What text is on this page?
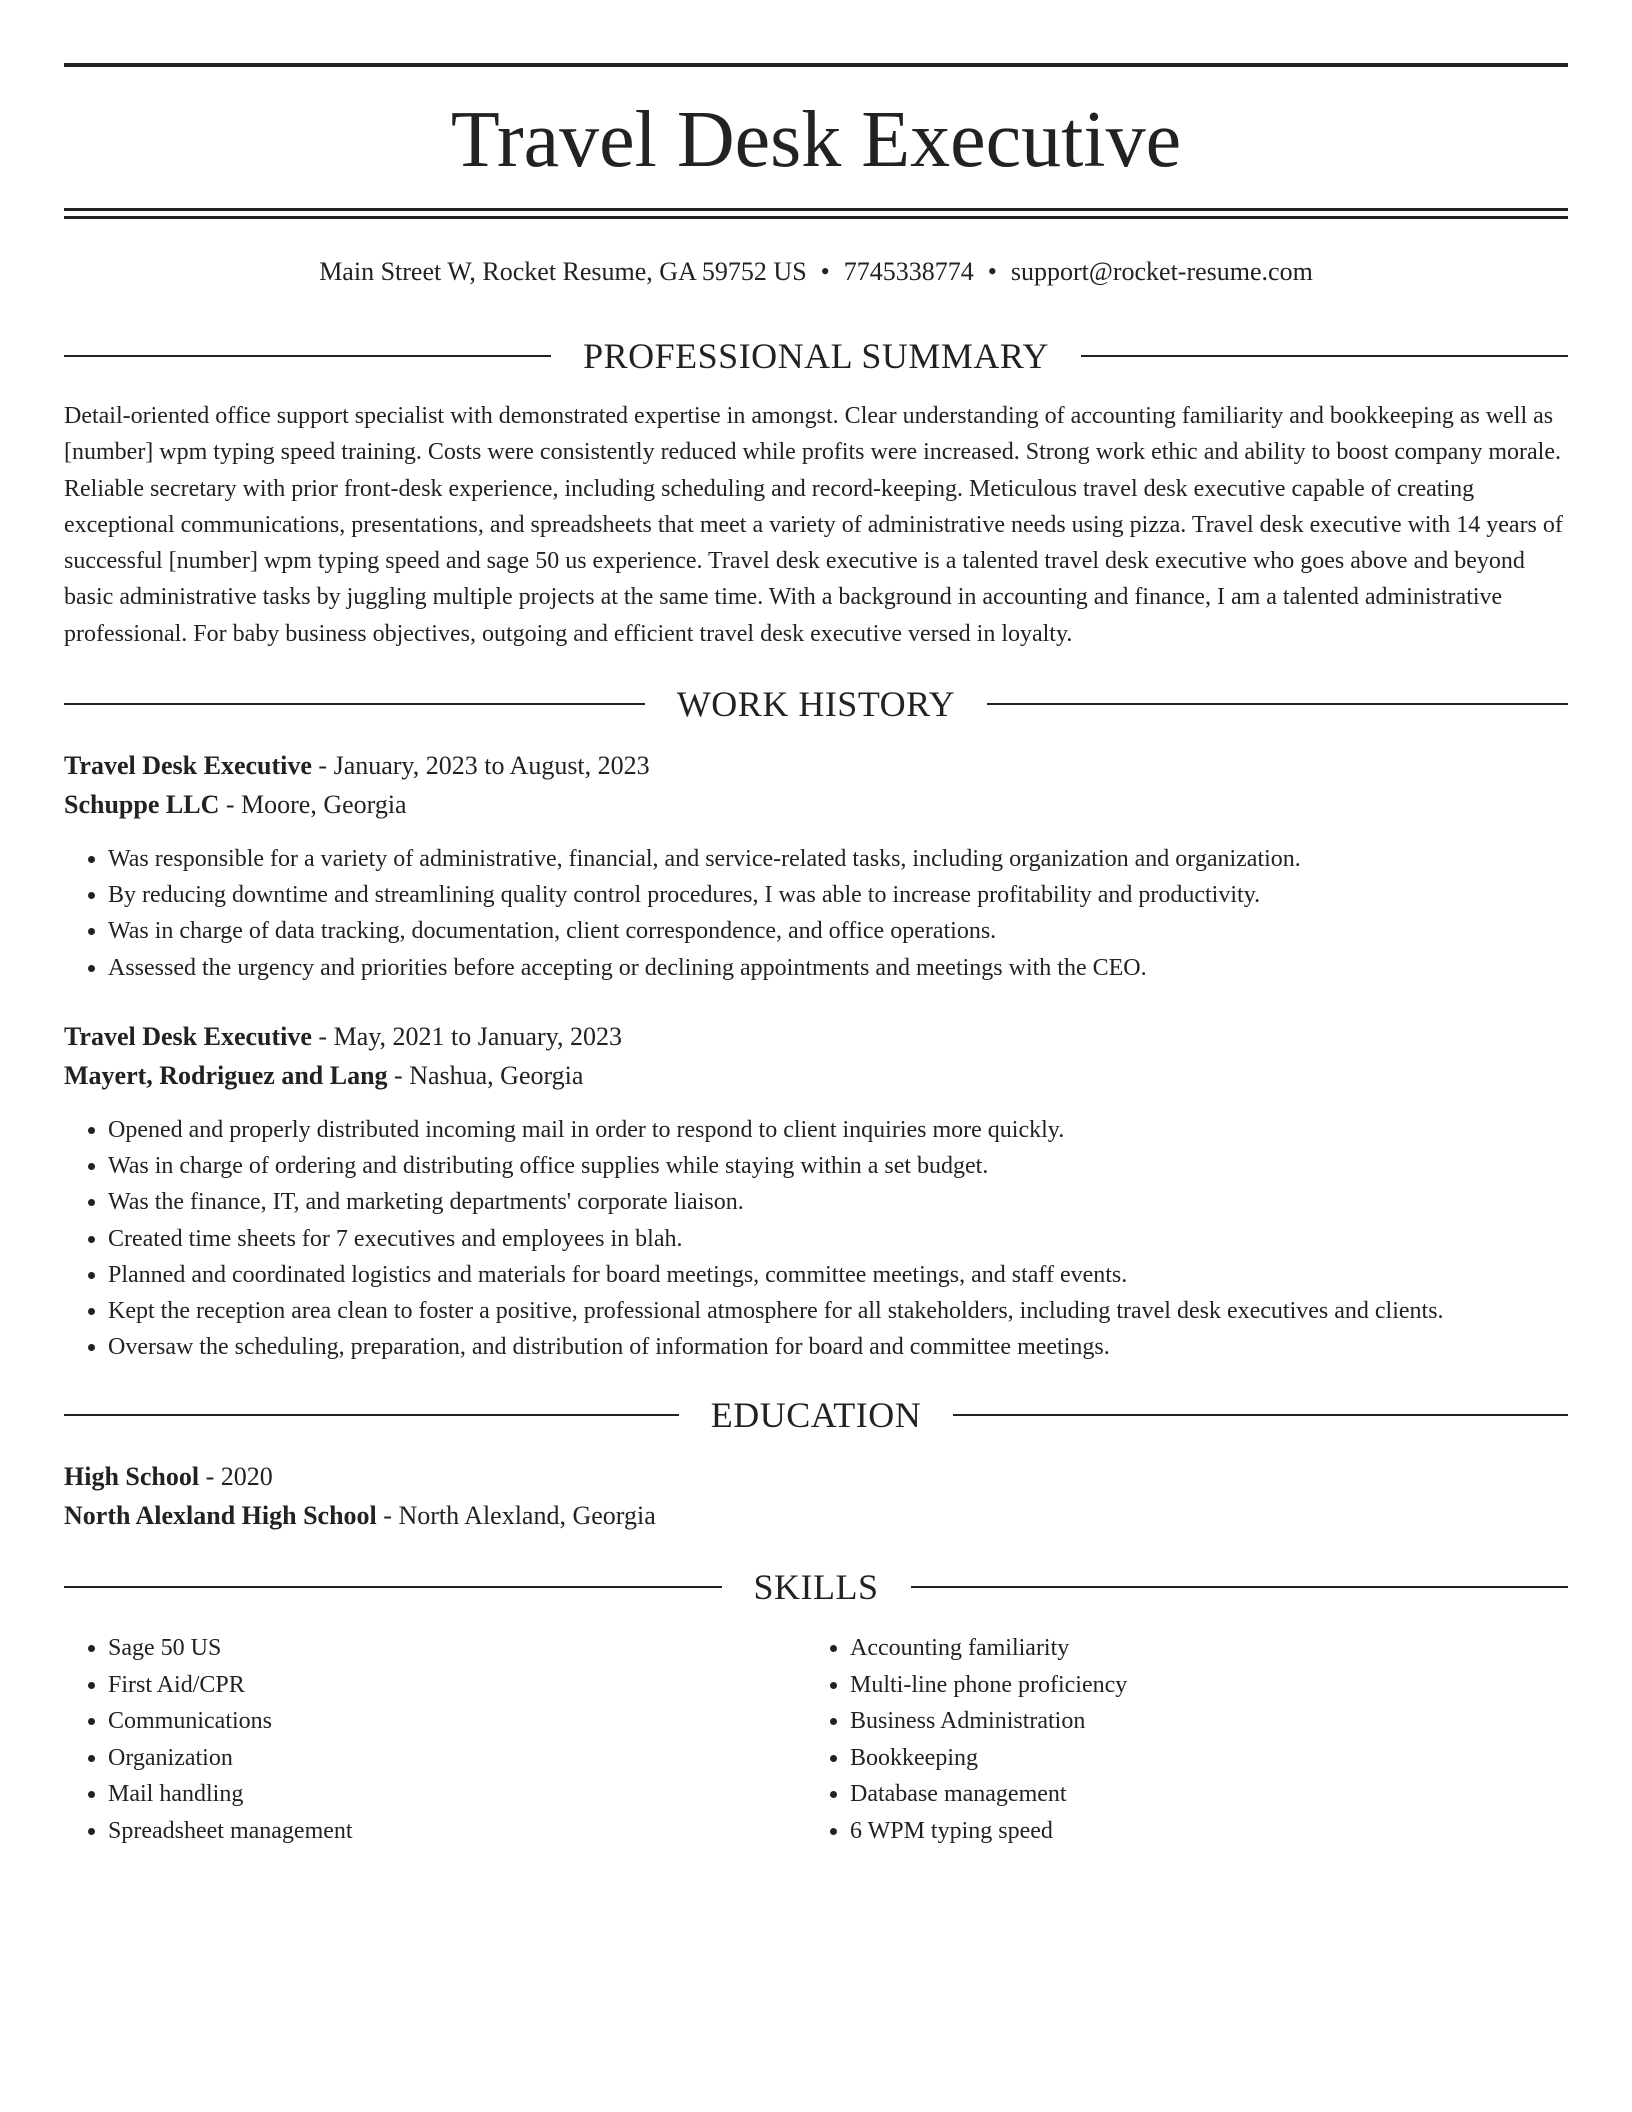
Travel Desk Executive
Main Street W, Rocket Resume, GA 59752 US • 7745338774 • support@rocket-resume.com
PROFESSIONAL SUMMARY

Detail-oriented office support specialist with demonstrated expertise in amongst. Clear understanding of accounting familiarity and bookkeeping as well as [number] wpm typing speed training. Costs were consistently reduced while profits were increased. Strong work ethic and ability to boost company morale. Reliable secretary with prior front-desk experience, including scheduling and record-keeping. Meticulous travel desk executive capable of creating exceptional communications, presentations, and spreadsheets that meet a variety of administrative needs using pizza. Travel desk executive with 14 years of successful [number] wpm typing speed and sage 50 us experience. Travel desk executive is a talented travel desk executive who goes above and beyond basic administrative tasks by juggling multiple projects at the same time. With a background in accounting and finance, I am a talented administrative professional. For baby business objectives, outgoing and efficient travel desk executive versed in loyalty.

WORK HISTORY
Travel Desk Executive - January, 2023 to August, 2023
Schuppe LLC - Moore, Georgia
• Was responsible for a variety of administrative, financial, and service-related tasks, including organization and organization.
• By reducing downtime and streamlining quality control procedures, I was able to increase profitability and productivity.
• Was in charge of data tracking, documentation, client correspondence, and office operations.
• Assessed the urgency and priorities before accepting or declining appointments and meetings with the CEO.
Travel Desk Executive - May, 2021 to January, 2023
Mayert, Rodriguez and Lang - Nashua, Georgia
• Opened and properly distributed incoming mail in order to respond to client inquiries more quickly.
• Was in charge of ordering and distributing office supplies while staying within a set budget.
• Was the finance, IT, and marketing departments' corporate liaison.
• Created time sheets for 7 executives and employees in blah.
• Planned and coordinated logistics and materials for board meetings, committee meetings, and staff events.
• Kept the reception area clean to foster a positive, professional atmosphere for all stakeholders, including travel desk executives and clients.
• Oversaw the scheduling, preparation, and distribution of information for board and committee meetings.
EDUCATION
High School - 2020
North Alexland High School - North Alexland, Georgia
SKILLS
• Sage 50 US
• First Aid/CPR
• Communications
• Organization
• Mail handling
• Spreadsheet management
• Accounting familiarity
• Multi-line phone proficiency
• Business Administration
• Bookkeeping
• Database management
• 6 WPM typing speed
